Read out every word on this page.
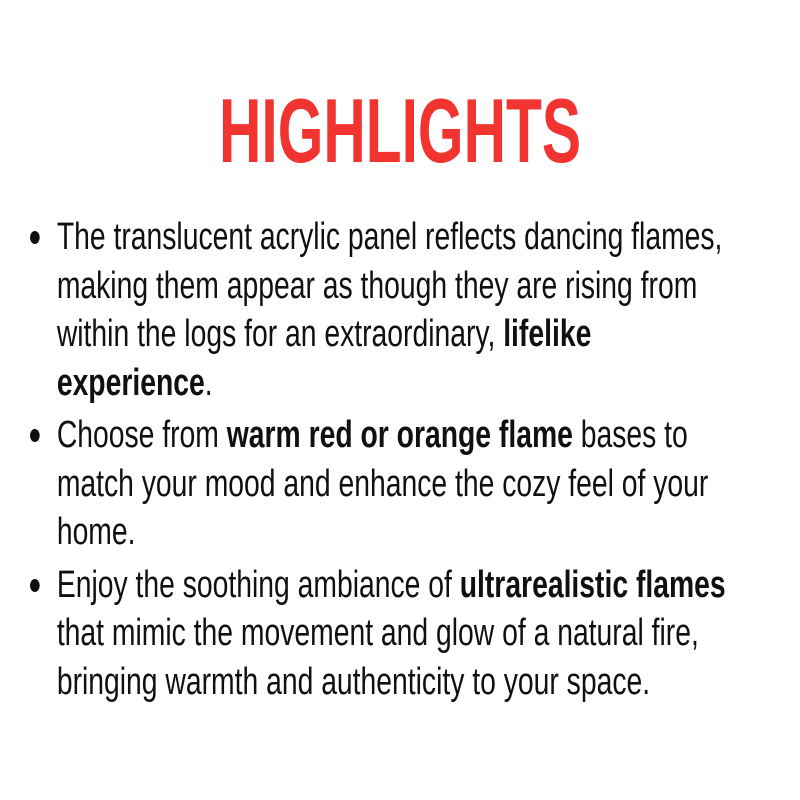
HIGHLIGHTS
The translucent acrylic panel reflects dancing flames,
making them appear as though they are rising from
within the logs for an extraordinary, lifelike
experience.
Choose from warm red or orange flame bases to
match your mood and enhance the cozy feel of your
home.
Enjoy the soothing ambiance of ultrarealistic flames
that mimic the movement and glow of a natural fire,
bringing warmth and authenticity to your space.
